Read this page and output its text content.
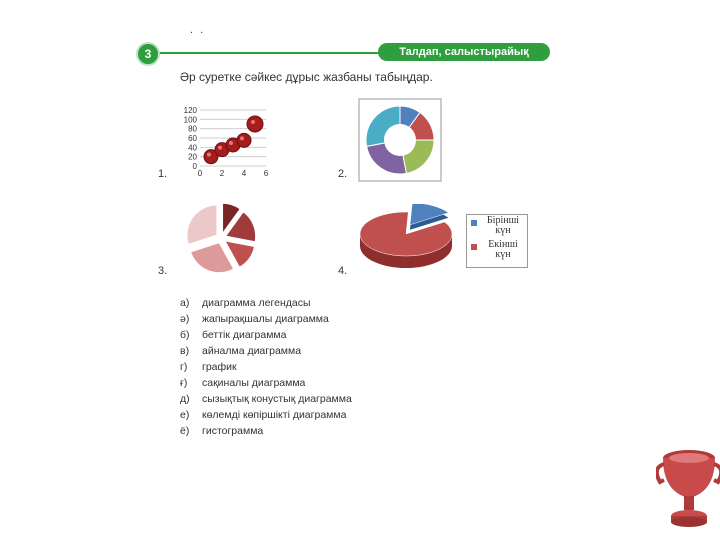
. .
3	Талдап, салыстырайық
Әр суретке сәйкес дұрыс жазбаны табыңдар.
1.
120
100
80
60
40
20
0
0 2 4 6	2.
3.	4.
Бірінші күн
Екінші күн
а) диаграмма легендасы
ә) жапырақшалы диаграмма
б) беттік диаграмма
в) айналма диаграмма
г) график
ғ) сақиналы диаграмма
д) сызықтық конустық диаграмма
е) көлемді көпіршікті диаграмма
ё) гистограмма
